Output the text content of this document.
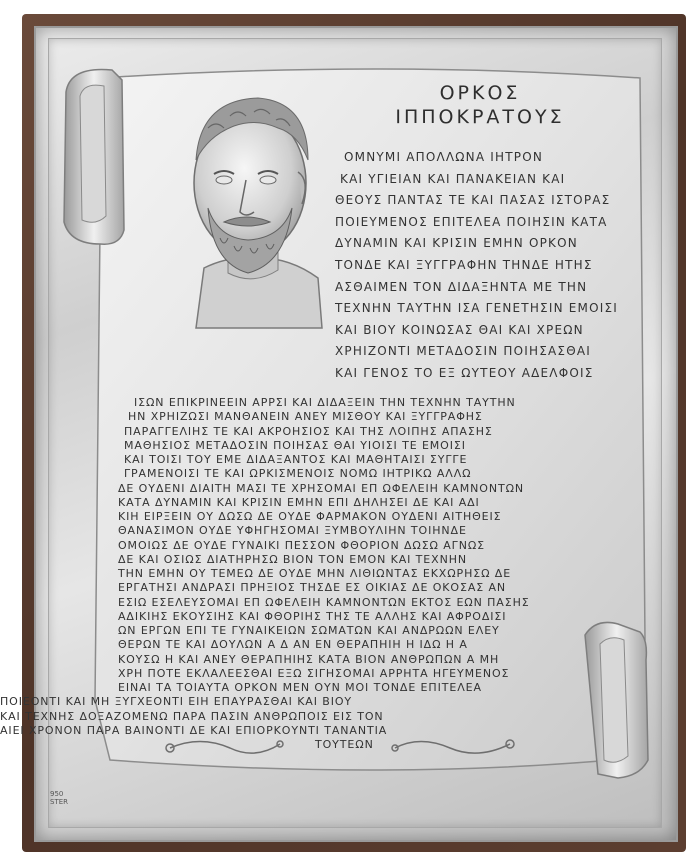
ΟΡΚΟΣ
ΙΠΠΟΚΡΑΤΟΥΣ
ΟΜΝΥΜΙ ΑΠΟΛΛΩΝΑ ΙΗΤΡΟΝ
ΚΑΙ ΥΓΙΕΙΑΝ ΚΑΙ ΠΑΝΑΚΕΙΑΝ ΚΑΙ
ΘΕΟΥΣ ΠΑΝΤΑΣ ΤΕ ΚΑΙ ΠΑΣΑΣ ΙΣΤΟΡΑΣ
ΠΟΙΕΥΜΕΝΟΣ ΕΠΙΤΕΛΕΑ ΠΟΙΗΣΙΝ ΚΑΤΑ
ΔΥΝΑΜΙΝ ΚΑΙ ΚΡΙΣΙΝ ΕΜΗΝ ΟΡΚΟΝ
ΤΟΝΔΕ ΚΑΙ ΞΥΓΓΡΑΦΗΝ ΤΗΝΔΕ ΗΤΗΣ
ΑΣΘΑΙΜΕΝ ΤΟΝ ΔΙΔΑΞΗΝΤΑ ΜΕ ΤΗΝ
ΤΕΧΝΗΝ ΤΑΥΤΗΝ ΙΣΑ ΓΕΝΕΤΗΣΙΝ ΕΜΟΙΣΙ
ΚΑΙ ΒΙΟΥ ΚΟΙΝΩΣΑΣ ΘΑΙ ΚΑΙ ΧΡΕΩΝ
ΧΡΗΙΖΟΝΤΙ ΜΕΤΑΔΟΣΙΝ ΠΟΙΗΣΑΣΘΑΙ
ΚΑΙ ΓΕΝΟΣ ΤΟ ΕΞ ΩΥΤΕΟΥ ΑΔΕΛΦΟΙΣ
ΙΣΩΝ ΕΠΙΚΡΙΝΕΕΙΝ ΑΡΡΣΙ ΚΑΙ ΔΙΔΑΞΕΙΝ ΤΗΝ ΤΕΧΝΗΝ ΤΑΥΤΗΝ
ΗΝ ΧΡΗΙΖΩΣΙ ΜΑΝΘΑΝΕΙΝ ΑΝΕΥ ΜΙΣΘΟΥ ΚΑΙ ΞΥΓΓΡΑΦΗΣ
ΠΑΡΑΓΓΕΛΙΗΣ ΤΕ ΚΑΙ ΑΚΡΟΗΣΙΟΣ ΚΑΙ ΤΗΣ ΛΟΙΠΗΣ ΑΠΑΣΗΣ
ΜΑΘΗΣΙΟΣ ΜΕΤΑΔΟΣΙΝ ΠΟΙΗΣΑΣ ΘΑΙ ΥΙΟΙΣΙ ΤΕ ΕΜΟΙΣΙ
ΚΑΙ ΤΟΙΣΙ ΤΟΥ ΕΜΕ ΔΙΔΑΞΑΝΤΟΣ ΚΑΙ ΜΑΘΗΤΑΙΣΙ ΣΥΓΓΕ
ΓΡΑΜΕΝΟΙΣΙ ΤΕ ΚΑΙ ΩΡΚΙΣΜΕΝΟΙΣ ΝΟΜΩ ΙΗΤΡΙΚΩ ΑΛΛΩ
ΔΕ ΟΥΔΕΝΙ ΔΙΑΙΤΗ ΜΑΣΙ ΤΕ ΧΡΗΣΟΜΑΙ ΕΠ ΩΦΕΛΕΙΗ ΚΑΜΝΟΝΤΩΝ
ΚΑΤΑ ΔΥΝΑΜΙΝ ΚΑΙ ΚΡΙΣΙΝ ΕΜΗΝ ΕΠΙ ΔΗΛΗΣΕΙ ΔΕ ΚΑΙ ΑΔΙ
ΚΙΗ ΕΙΡΞΕΙΝ ΟΥ ΔΩΣΩ ΔΕ ΟΥΔΕ ΦΑΡΜΑΚΟΝ ΟΥΔΕΝΙ ΑΙΤΗΘΕΙΣ
ΘΑΝΑΣΙΜΟΝ ΟΥΔΕ ΥΦΗΓΗΣΟΜΑΙ ΞΥΜΒΟΥΛΙΗΝ ΤΟΙΗΝΔΕ
ΟΜΟΙΩΣ ΔΕ ΟΥΔΕ ΓΥΝΑΙΚΙ ΠΕΣΣΟΝ ΦΘΟΡΙΟΝ ΔΩΣΩ ΑΓΝΩΣ
ΔΕ ΚΑΙ ΟΣΙΩΣ ΔΙΑΤΗΡΗΣΩ ΒΙΟΝ ΤΟΝ ΕΜΟΝ ΚΑΙ ΤΕΧΝΗΝ
ΤΗΝ ΕΜΗΝ ΟΥ ΤΕΜΕΩ ΔΕ ΟΥΔΕ ΜΗΝ ΛΙΘΙΩΝΤΑΣ ΕΚΧΩΡΗΣΩ ΔΕ
ΕΡΓΑΤΗΣΙ ΑΝΔΡΑΣΙ ΠΡΗΞΙΟΣ ΤΗΣΔΕ ΕΣ ΟΙΚΙΑΣ ΔΕ ΟΚΟΣΑΣ ΑΝ
ΕΣΙΩ ΕΣΕΛΕΥΣΟΜΑΙ ΕΠ ΩΦΕΛΕΙΗ ΚΑΜΝΟΝΤΩΝ ΕΚΤΟΣ ΕΩΝ ΠΑΣΗΣ
ΑΔΙΚΙΗΣ ΕΚΟΥΣΙΗΣ ΚΑΙ ΦΘΟΡΙΗΣ ΤΗΣ ΤΕ ΑΛΛΗΣ ΚΑΙ ΑΦΡΟΔΙΣΙ
ΩΝ ΕΡΓΩΝ ΕΠΙ ΤΕ ΓΥΝΑΙΚΕΙΩΝ ΣΩΜΑΤΩΝ ΚΑΙ ΑΝΔΡΩΩΝ ΕΛΕΥ
ΘΕΡΩΝ ΤΕ ΚΑΙ ΔΟΥΛΩΝ Α Δ ΑΝ ΕΝ ΘΕΡΑΠΗΙΗ Η ΙΔΩ Η Α
ΚΟΥΣΩ Η ΚΑΙ ΑΝΕΥ ΘΕΡΑΠΗΙΗΣ ΚΑΤΑ ΒΙΟΝ ΑΝΘΡΩΠΩΝ Α ΜΗ
ΧΡΗ ΠΟΤΕ ΕΚΛΑΛΕΕΣΘΑΙ ΕΞΩ ΣΙΓΗΣΟΜΑΙ ΑΡΡΗΤΑ ΗΓΕΥΜΕΝΟΣ
ΕΙΝΑΙ ΤΑ ΤΟΙΑΥΤΑ ΟΡΚΟΝ ΜΕΝ ΟΥΝ ΜΟΙ ΤΟΝΔΕ ΕΠΙΤΕΛΕΑ
ΠΟΙΕΟΝΤΙ ΚΑΙ ΜΗ ΞΥΓΧΕΟΝΤΙ ΕΙΗ ΕΠΑΥΡΑΣΘΑΙ ΚΑΙ ΒΙΟΥ
ΚΑΙ ΤΕΧΝΗΣ ΔΟΞΑΖΟΜΕΝΩ ΠΑΡΑ ΠΑΣΙΝ ΑΝΘΡΩΠΟΙΣ ΕΙΣ ΤΟΝ
ΑΙΕΙ ΧΡΟΝΟΝ ΠΑΡΑ ΒΑΙΝΟΝΤΙ ΔΕ ΚΑΙ ΕΠΙΟΡΚΟΥΝΤΙ ΤΑΝΑΝΤΙΑ
ΤΟΥΤΕΩΝ
950
STER
